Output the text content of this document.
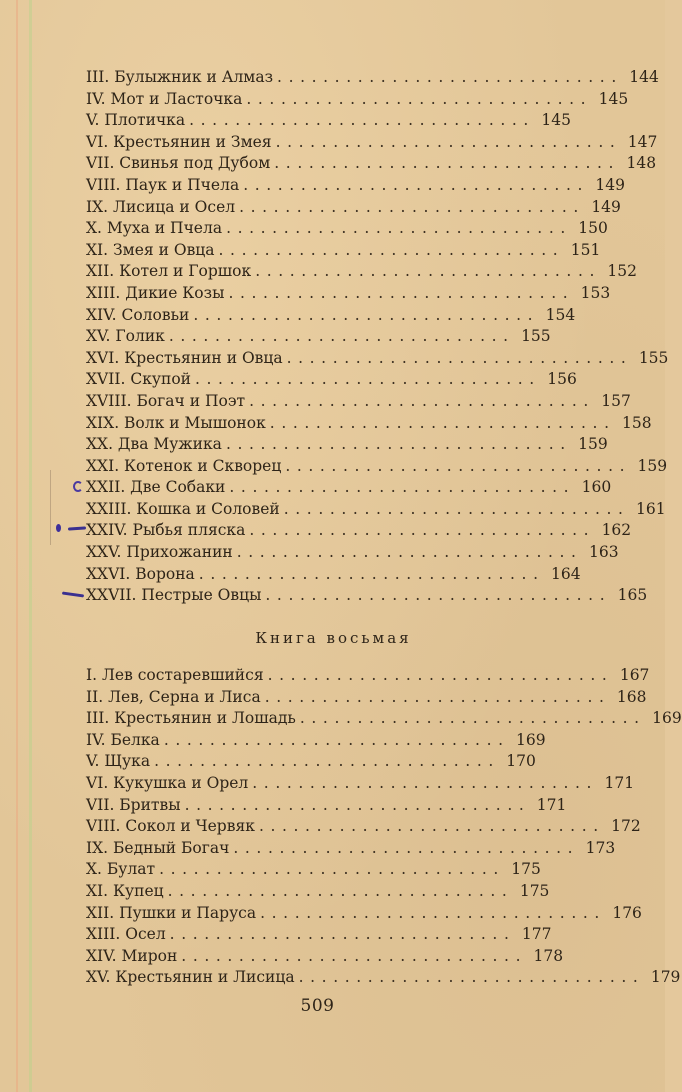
III. Булыжник и Алмаз .............................. 144
IV. Мот и Ласточка .............................. 145
V. Плотичка .............................. 145
VI. Крестьянин и Змея .............................. 147
VII. Свинья под Дубом .............................. 148
VIII. Паук и Пчела .............................. 149
IX. Лисица и Осел .............................. 149
X. Муха и Пчела .............................. 150
XI. Змея и Овца .............................. 151
XII. Котел и Горшок .............................. 152
XIII. Дикие Козы .............................. 153
XIV. Соловьи .............................. 154
XV. Голик .............................. 155
XVI. Крестьянин и Овца .............................. 155
XVII. Скупой .............................. 156
XVIII. Богач и Поэт .............................. 157
XIX. Волк и Мышонок .............................. 158
XX. Два Мужика .............................. 159
XXI. Котенок и Скворец .............................. 159
XXII. Две Собаки .............................. 160
XXIII. Кошка и Соловей .............................. 161
XXIV. Рыбья пляска .............................. 162
XXV. Прихожанин .............................. 163
XXVI. Ворона .............................. 164
XXVII. Пестрые Овцы .............................. 165
Книга восьмая
I. Лев состаревшийся .............................. 167
II. Лев, Серна и Лиса .............................. 168
III. Крестьянин и Лошадь .............................. 169
IV. Белка .............................. 169
V. Щука .............................. 170
VI. Кукушка и Орел .............................. 171
VII. Бритвы .............................. 171
VIII. Сокол и Червяк .............................. 172
IX. Бедный Богач .............................. 173
X. Булат .............................. 175
XI. Купец .............................. 175
XII. Пушки и Паруса .............................. 176
XIII. Осел .............................. 177
XIV. Мирон .............................. 178
XV. Крестьянин и Лисица .............................. 179
509
